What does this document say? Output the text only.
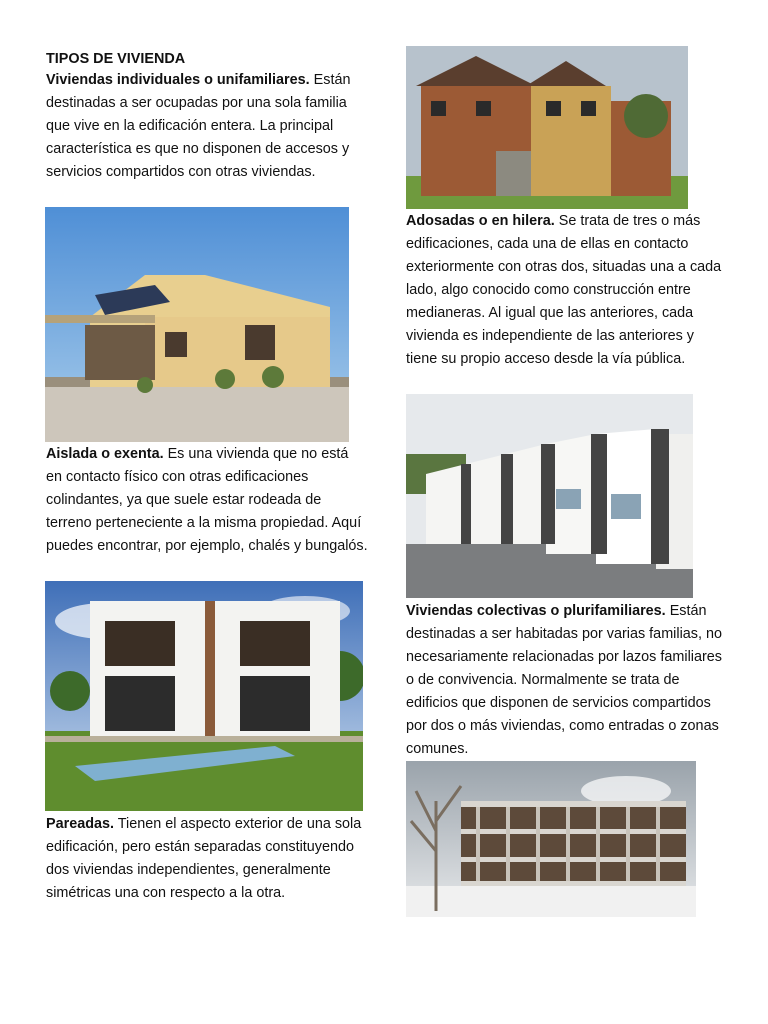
TIPOS DE VIVIENDA

Viviendas individuales o unifamiliares. Están destinadas a ser ocupadas por una sola familia que vive en la edificación entera. La principal característica es que no disponen de accesos y servicios compartidos con otras viviendas.

Aislada o exenta. Es una vivienda que no está en contacto físico con otras edificaciones colindantes, ya que suele estar rodeada de terreno perteneciente a la misma propiedad. Aquí puedes encontrar, por ejemplo, chalés y bungalós.

Pareadas. Tienen el aspecto exterior de una sola edificación, pero están separadas constituyendo dos viviendas independientes, generalmente simétricas una con respecto a la otra.

Adosadas o en hilera. Se trata de tres o más edificaciones, cada una de ellas en contacto exteriormente con otras dos, situadas una a cada lado, algo conocido como construcción entre medianeras. Al igual que las anteriores, cada vivienda es independiente de las anteriores y tiene su propio acceso desde la vía pública.

Viviendas colectivas o plurifamiliares. Están destinadas a ser habitadas por varias familias, no necesariamente relacionadas por lazos familiares o de convivencia. Normalmente se trata de edificios que disponen de servicios compartidos por dos o más viviendas, como entradas o zonas comunes.
